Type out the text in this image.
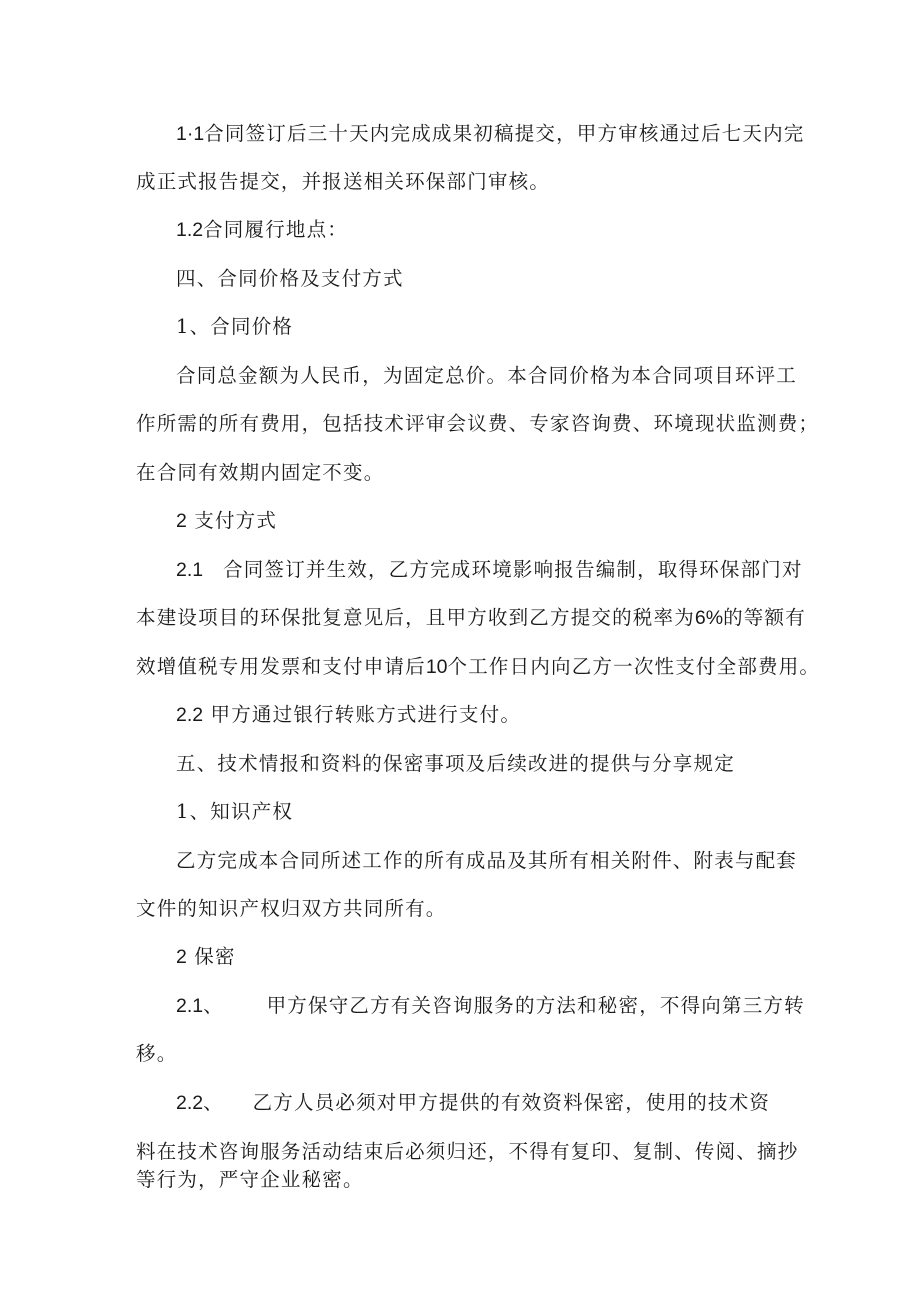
1·1合同签订后三十天内完成成果初稿提交，甲方审核通过后七天内完
成正式报告提交，并报送相关环保部门审核。
1.2合同履行地点：
四、合同价格及支付方式
1、合同价格
合同总金额为人民币，为固定总价。本合同价格为本合同项目环评工
作所需的所有费用，包括技术评审会议费、专家咨询费、环境现状监测费；
在合同有效期内固定不变。
2 支付方式
2.1 合同签订并生效，乙方完成环境影响报告编制，取得环保部门对
本建设项目的环保批复意见后，且甲方收到乙方提交的税率为6%的等额有
效增值税专用发票和支付申请后10个工作日内向乙方一次性支付全部费用。
2.2 甲方通过银行转账方式进行支付。
五、技术情报和资料的保密事项及后续改进的提供与分享规定
1、知识产权
乙方完成本合同所述工作的所有成品及其所有相关附件、附表与配套
文件的知识产权归双方共同所有。
2 保密
2.1、 甲方保守乙方有关咨询服务的方法和秘密，不得向第三方转
移。
2.2、 乙方人员必须对甲方提供的有效资料保密，使用的技术资
料在技术咨询服务活动结束后必须归还，不得有复印、复制、传阅、摘抄
等行为，严守企业秘密。
